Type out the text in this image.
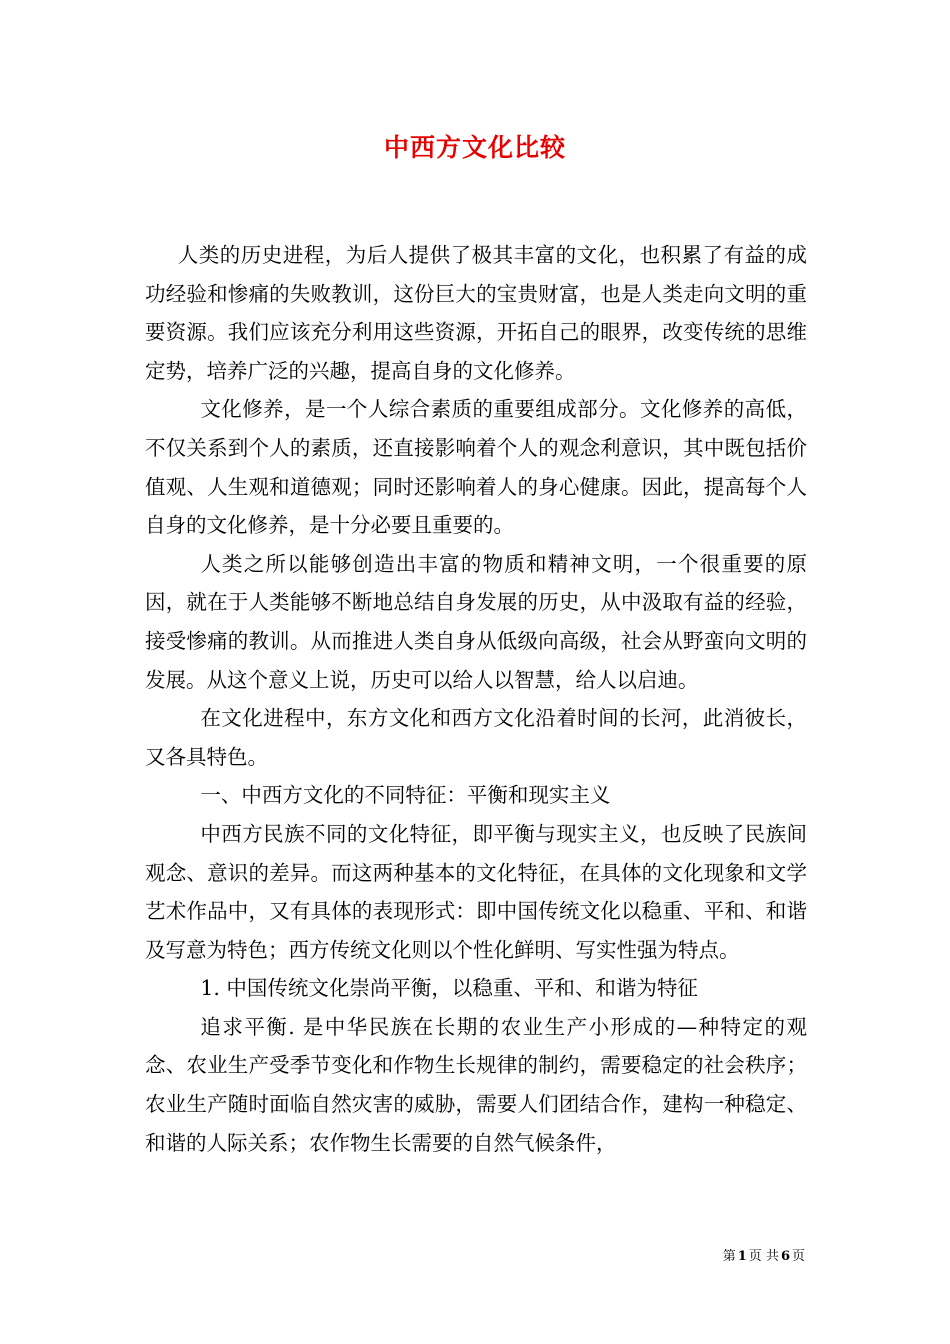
中西方文化比较

人类的历史进程，为后人提供了极其丰富的文化，也积累了有益的成功经验和惨痛的失败教训，这份巨大的宝贵财富，也是人类走向文明的重要资源。我们应该充分利用这些资源，开拓自己的眼界，改变传统的思维定势，培养广泛的兴趣，提高自身的文化修养。

文化修养，是一个人综合素质的重要组成部分。文化修养的高低，不仅关系到个人的素质，还直接影响着个人的观念利意识，其中既包括价值观、人生观和道德观；同时还影响着人的身心健康。因此，提高每个人自身的文化修养，是十分必要且重要的。

人类之所以能够创造出丰富的物质和精神文明，一个很重要的原因，就在于人类能够不断地总结自身发展的历史，从中汲取有益的经验，接受惨痛的教训。从而推进人类自身从低级向高级，社会从野蛮向文明的发展。从这个意义上说，历史可以给人以智慧，给人以启迪。

在文化进程中，东方文化和西方文化沿着时间的长河，此消彼长，又各具特色。

一、中西方文化的不同特征：平衡和现实主义

中西方民族不同的文化特征，即平衡与现实主义，也反映了民族间观念、意识的差异。而这两种基本的文化特征，在具体的文化现象和文学艺术作品中，又有具体的表现形式：即中国传统文化以稳重、平和、和谐及写意为特色；西方传统文化则以个性化鲜明、写实性强为特点。

1. 中国传统文化崇尚平衡，以稳重、平和、和谐为特征

追求平衡. 是中华民族在长期的农业生产小形成的—种特定的观念、农业生产受季节变化和作物生长规律的制约，需要稳定的社会秩序；农业生产随时面临自然灾害的威胁，需要人们团结合作，建构一种稳定、和谐的人际关系；农作物生长需要的自然气候条件，

第 1 页 共 6 页
